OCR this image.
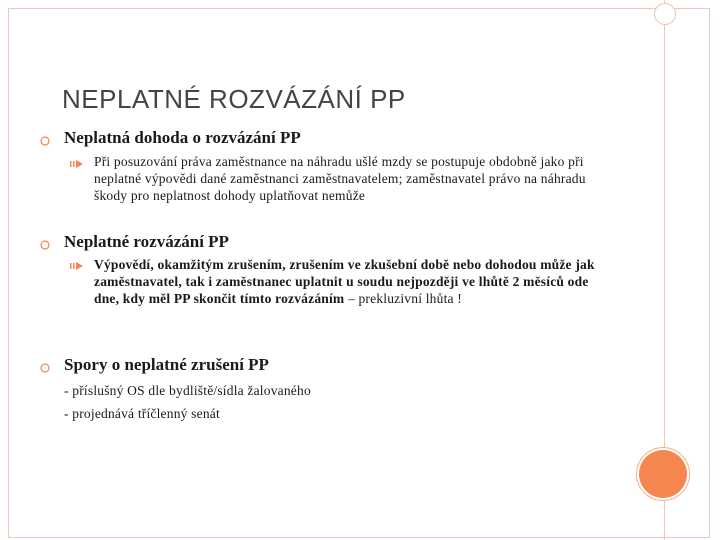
NEPLATNÉ ROZVÁZÁNÍ PP
Neplatná dohoda o rozvázání PP
Při posuzování práva zaměstnance na náhradu ušlé mzdy se postupuje obdobně jako při neplatné výpovědi dané zaměstnanci zaměstnavatelem; zaměstnavatel právo na náhradu škody pro neplatnost dohody uplatňovat nemůže
Neplatné rozvázání PP
Výpovědí, okamžitým zrušením, zrušením ve zkušební době nebo dohodou může jak zaměstnavatel, tak i zaměstnanec uplatnit u soudu nejpozději ve lhůtě 2 měsíců ode dne, kdy měl PP skončit tímto rozvázáním – prekluzivní lhůta !
Spory o neplatné zrušení PP
- příslušný OS dle bydliště/sídla žalovaného
- projednává tříčlenný senát
